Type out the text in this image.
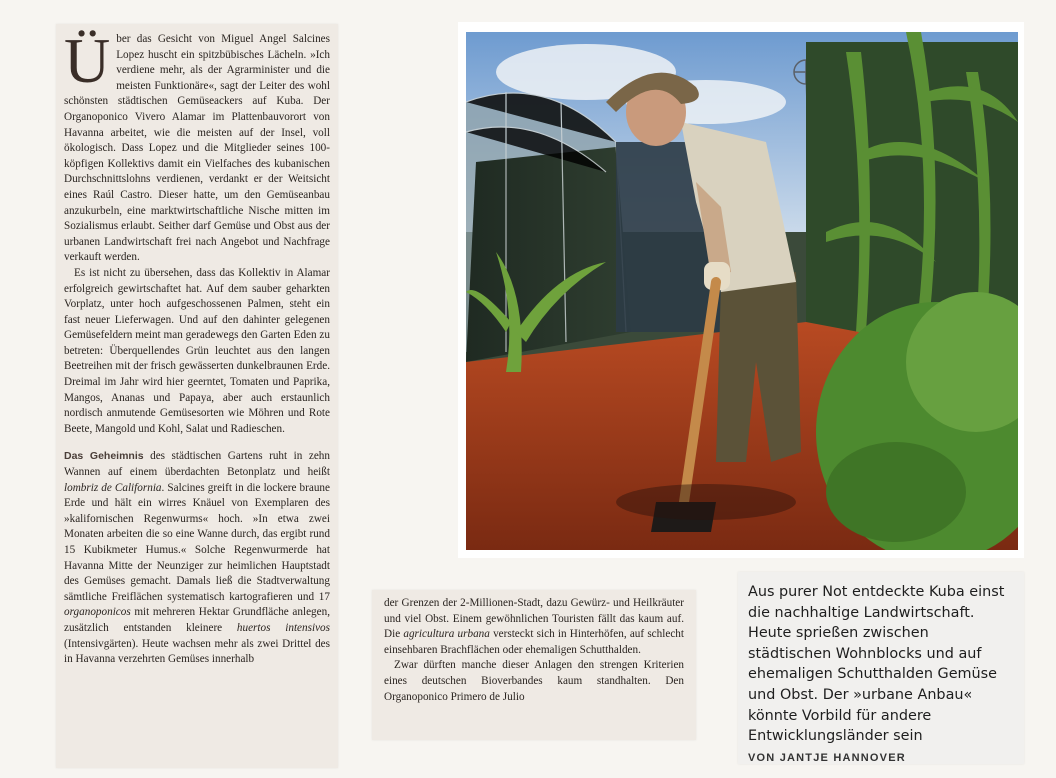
Über das Gesicht von Miguel Angel Salcines Lopez huscht ein spitzbübisches Lächeln. »Ich verdiene mehr, als der Agrarminister und die meisten Funktionäre«, sagt der Leiter des wohl schönsten städtischen Gemüseackers auf Kuba. Der Organoponico Vivero Alamar im Plattenbauvorort von Havanna arbeitet, wie die meisten auf der Insel, voll ökologisch. Dass Lopez und die Mitglieder seines 100-köpfigen Kollektivs damit ein Vielfaches des kubanischen Durchschnittslohns verdienen, verdankt er der Weitsicht eines Raúl Castro. Dieser hatte, um den Gemüseanbau anzukurbeln, eine marktwirtschaftliche Nische mitten im Sozialismus erlaubt. Seither darf Gemüse und Obst aus der urbanen Landwirtschaft frei nach Angebot und Nachfrage verkauft werden.

Es ist nicht zu übersehen, dass das Kollektiv in Alamar erfolgreich gewirtschaftet hat. Auf dem sauber geharkten Vorplatz, unter hoch aufgeschossenen Palmen, steht ein fast neuer Lieferwagen. Und auf den dahinter gelegenen Gemüsefeldern meint man geradewegs den Garten Eden zu betreten: Überquellendes Grün leuchtet aus den langen Beetreihen mit der frisch gewässerten dunkelbraunen Erde. Dreimal im Jahr wird hier geerntet, Tomaten und Paprika, Mangos, Ananas und Papaya, aber auch erstaunlich nordisch anmutende Gemüsesorten wie Möhren und Rote Beete, Mangold und Kohl, Salat und Radieschen.

Das Geheimnis des städtischen Gartens ruht in zehn Wannen auf einem überdachten Betonplatz und heißt lombriz de California. Salcines greift in die lockere braune Erde und hält ein wirres Knäuel von Exemplaren des »kalifornischen Regenwurms« hoch. »In etwa zwei Monaten arbeiten die so eine Wanne durch, das ergibt rund 15 Kubikmeter Humus.« Solche Regenwurmerde hat Havanna Mitte der Neunziger zur heimlichen Hauptstadt des Gemüses gemacht. Damals ließ die Stadtverwaltung sämtliche Freiflächen systematisch kartografieren und 17 organoponicos mit mehreren Hektar Grundfläche anlegen, zusätzlich entstanden kleinere huertos intensivos (Intensivgärten). Heute wachsen mehr als zwei Drittel des in Havanna verzehrten Gemüses innerhalb

der Grenzen der 2-Millionen-Stadt, dazu Gewürz- und Heilkräuter und viel Obst. Einem gewöhnlichen Touristen fällt das kaum auf. Die agricultura urbana versteckt sich in Hinterhöfen, auf schlecht einsehbaren Brachflächen oder ehemaligen Schutthalden.

Zwar dürften manche dieser Anlagen den strengen Kriterien eines deutschen Bioverbandes kaum standhalten. Den Organoponico Primero de Julio

Aus purer Not entdeckte Kuba einst die nachhaltige Landwirtschaft. Heute sprießen zwischen städtischen Wohnblocks und auf ehemaligen Schutthalden Gemüse und Obst. Der »urbane Anbau« könnte Vorbild für andere Entwicklungsländer sein
VON JANTJE HANNOVER
